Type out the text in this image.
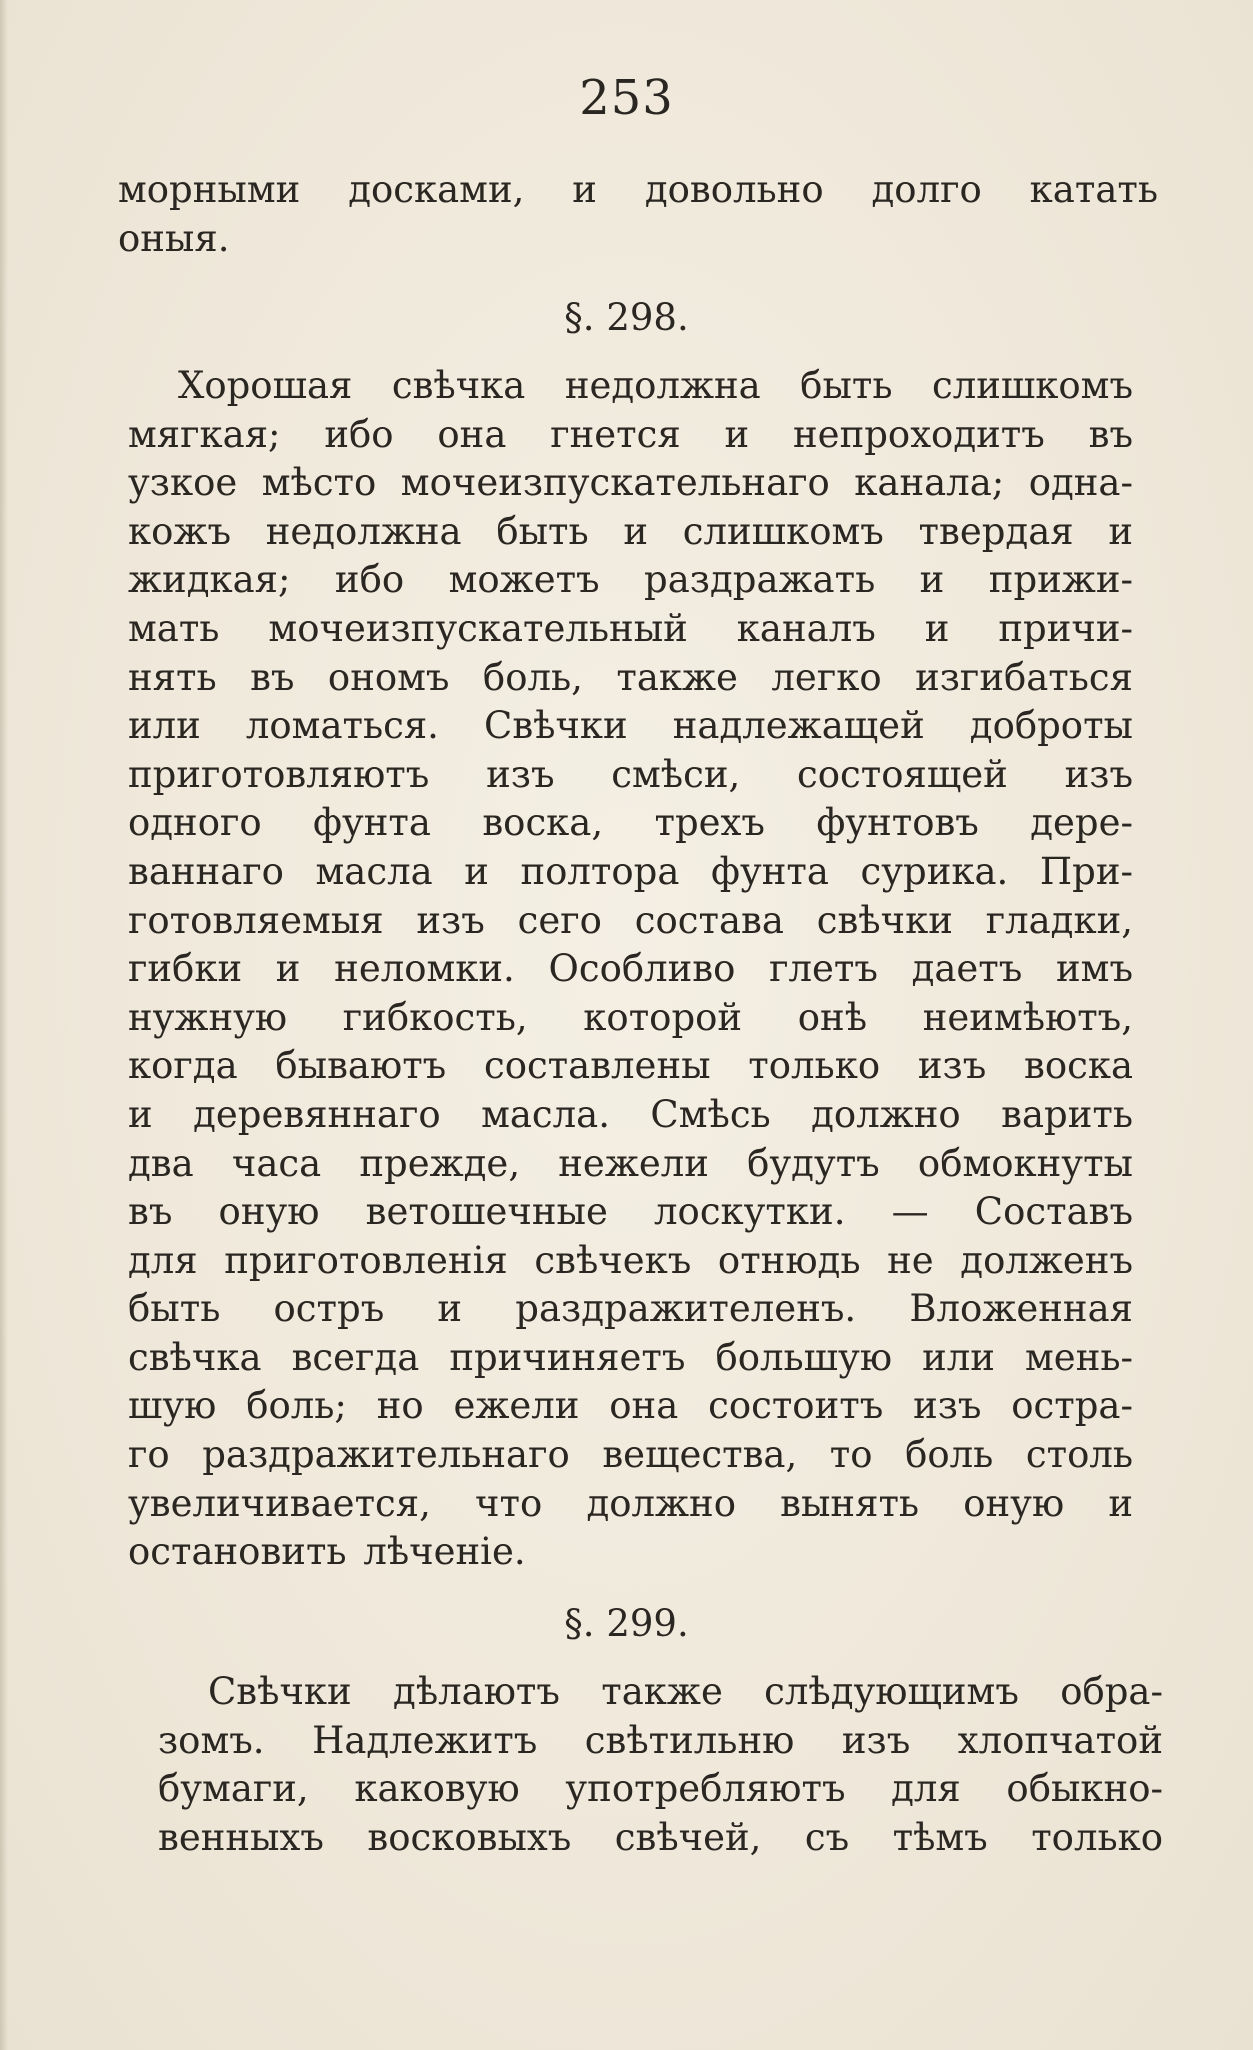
253
морными досками, и довольно долго катать
оныя.
§. 298.
Хорошая свѣчка недолжна быть слишкомъ
мягкая; ибо она гнется и непроходитъ въ
узкое мѣсто мочеизпускательнаго канала; одна-
кожъ недолжна быть и слишкомъ твердая и
жидкая; ибо можетъ раздражать и прижи-
мать мочеизпускательный каналъ и причи-
нять въ ономъ боль, также легко изгибаться
или ломаться. Свѣчки надлежащей доброты
приготовляютъ изъ смѣси, состоящей изъ
одного фунта воска, трехъ фунтовъ дере-
ваннаго масла и полтора фунта сурика. При-
готовляемыя изъ сего состава свѣчки гладки,
гибки и неломки. Особливо глетъ даетъ имъ
нужную гибкость, которой онѣ неимѣютъ,
когда бываютъ составлены только изъ воска
и деревяннаго масла. Смѣсь должно варить
два часа прежде, нежели будутъ обмокнуты
въ оную ветошечные лоскутки. — Составъ
для приготовленія свѣчекъ отнюдь не долженъ
быть остръ и раздражителенъ. Вложенная
свѣчка всегда причиняетъ большую или мень-
шую боль; но ежели она состоитъ изъ остра-
го раздражительнаго вещества, то боль столь
увеличивается, что должно вынять оную и
остановить лѣченіе.
§. 299.
Свѣчки дѣлаютъ также слѣдующимъ обра-
зомъ. Надлежитъ свѣтильню изъ хлопчатой
бумаги, каковую употребляютъ для обыкно-
венныхъ восковыхъ свѣчей, съ тѣмъ только
